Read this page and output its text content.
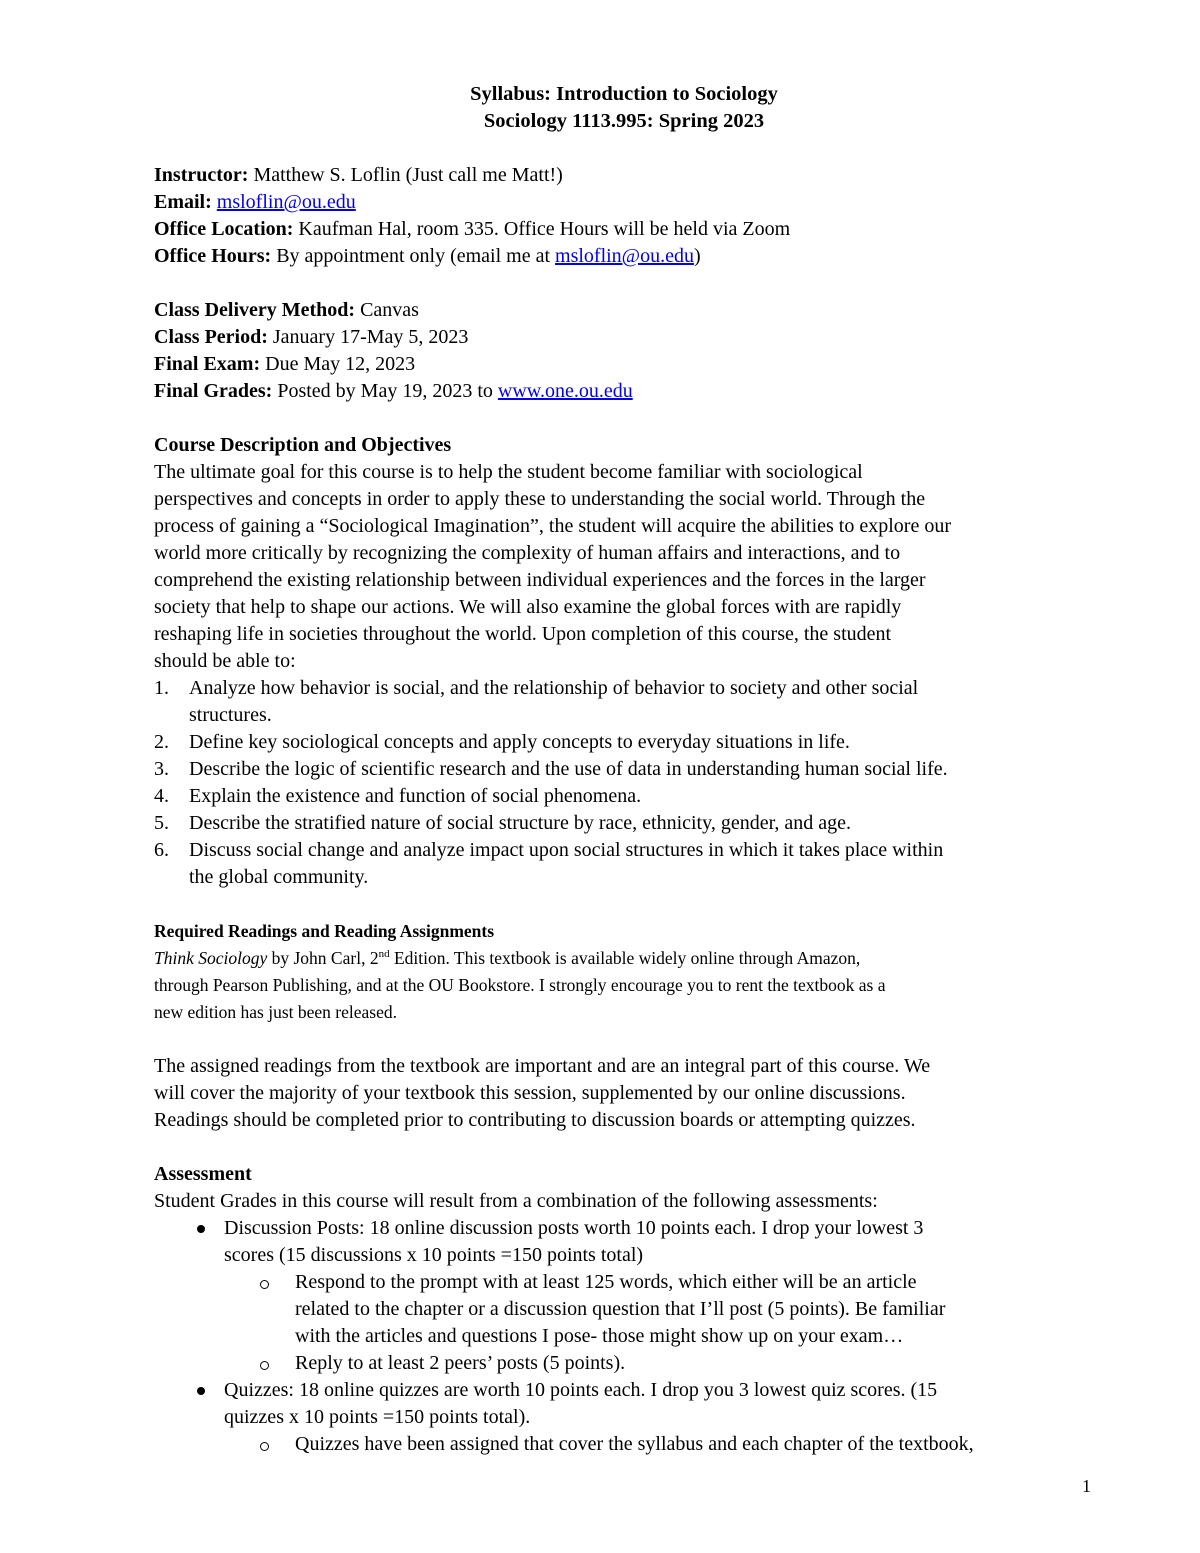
Syllabus: Introduction to Sociology
Sociology 1113.995: Spring 2023

Instructor: Matthew S. Loflin (Just call me Matt!)

Email: msloflin@ou.edu

Office Location: Kaufman Hal, room 335. Office Hours will be held via Zoom

Office Hours: By appointment only (email me at msloflin@ou.edu)

Class Delivery Method: Canvas

Class Period: January 17-May 5, 2023

Final Exam: Due May 12, 2023

Final Grades: Posted by May 19, 2023 to www.one.ou.edu

Course Description and Objectives

The ultimate goal for this course is to help the student become familiar with sociological

perspectives and concepts in order to apply these to understanding the social world. Through the

process of gaining a “Sociological Imagination”, the student will acquire the abilities to explore our

world more critically by recognizing the complexity of human affairs and interactions, and to

comprehend the existing relationship between individual experiences and the forces in the larger

society that help to shape our actions. We will also examine the global forces with are rapidly

reshaping life in societies throughout the world. Upon completion of this course, the student

should be able to:

1. Analyze how behavior is social, and the relationship of behavior to society and other social
structures.
2. Define key sociological concepts and apply concepts to everyday situations in life.
3. Describe the logic of scientific research and the use of data in understanding human social life.
4. Explain the existence and function of social phenomena.
5. Describe the stratified nature of social structure by race, ethnicity, gender, and age.
6. Discuss social change and analyze impact upon social structures in which it takes place within
the global community.

Required Readings and Reading Assignments

Think Sociology by John Carl, 2nd Edition. This textbook is available widely online through Amazon,

through Pearson Publishing, and at the OU Bookstore. I strongly encourage you to rent the textbook as a

new edition has just been released.

The assigned readings from the textbook are important and are an integral part of this course. We

will cover the majority of your textbook this session, supplemented by our online discussions.

Readings should be completed prior to contributing to discussion boards or attempting quizzes.

Assessment

Student Grades in this course will result from a combination of the following assessments:

Discussion Posts: 18 online discussion posts worth 10 points each. I drop your lowest 3
scores (15 discussions x 10 points =150 points total)
Respond to the prompt with at least 125 words, which either will be an article
related to the chapter or a discussion question that I’ll post (5 points). Be familiar
with the articles and questions I pose- those might show up on your exam…
Reply to at least 2 peers’ posts (5 points).
Quizzes: 18 online quizzes are worth 10 points each. I drop you 3 lowest quiz scores. (15
quizzes x 10 points =150 points total).
Quizzes have been assigned that cover the syllabus and each chapter of the textbook,
1
